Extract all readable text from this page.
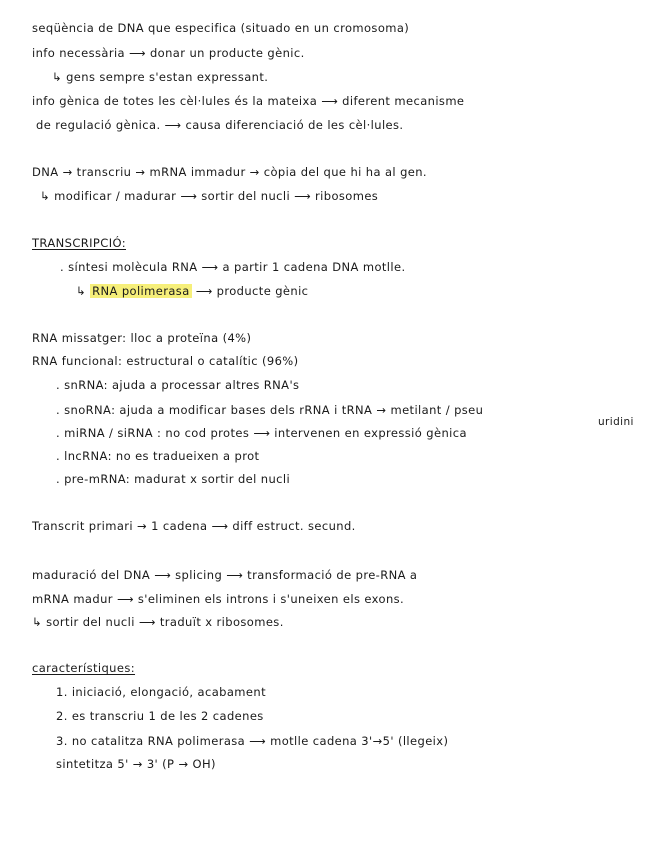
seqüència de DNA que especifica (situado en un cromosoma)
info necessària ⟶ donar un producte gènic.
↳ gens sempre s'estan expressant.
info gènica de totes les cèl·lules és la mateixa ⟶ diferent mecanisme
de regulació gènica. ⟶ causa diferenciació de les cèl·lules.
DNA → transcriu → mRNA immadur → còpia del que hi ha al gen.
↳ modificar / madurar ⟶ sortir del nucli ⟶ ribosomes
TRANSCRIPCIÓ:
. síntesi molècula RNA ⟶ a partir 1 cadena DNA motlle.
↳ RNA polimerasa ⟶ producte gènic
RNA missatger: lloc a proteïna (4%)
RNA funcional: estructural o catalític (96%)
. snRNA: ajuda a processar altres RNA's
. snoRNA: ajuda a modificar bases dels rRNA i tRNA → metilant / pseu
uridini
. miRNA / siRNA : no cod protes ⟶ intervenen en expressió gènica
. lncRNA: no es tradueixen a prot
. pre-mRNA: madurat x sortir del nucli
Transcrit primari → 1 cadena ⟶ diff estruct. secund.
maduració del DNA ⟶ splicing ⟶ transformació de pre-RNA a
mRNA madur ⟶ s'eliminen els introns i s'uneixen els exons.
↳ sortir del nucli ⟶ traduït x ribosomes.
característiques:
1. iniciació, elongació, acabament
2. es transcriu 1 de les 2 cadenes
3. no catalitza RNA polimerasa ⟶ motlle cadena 3'→5' (llegeix)
sintetitza 5' → 3' (P → OH)
